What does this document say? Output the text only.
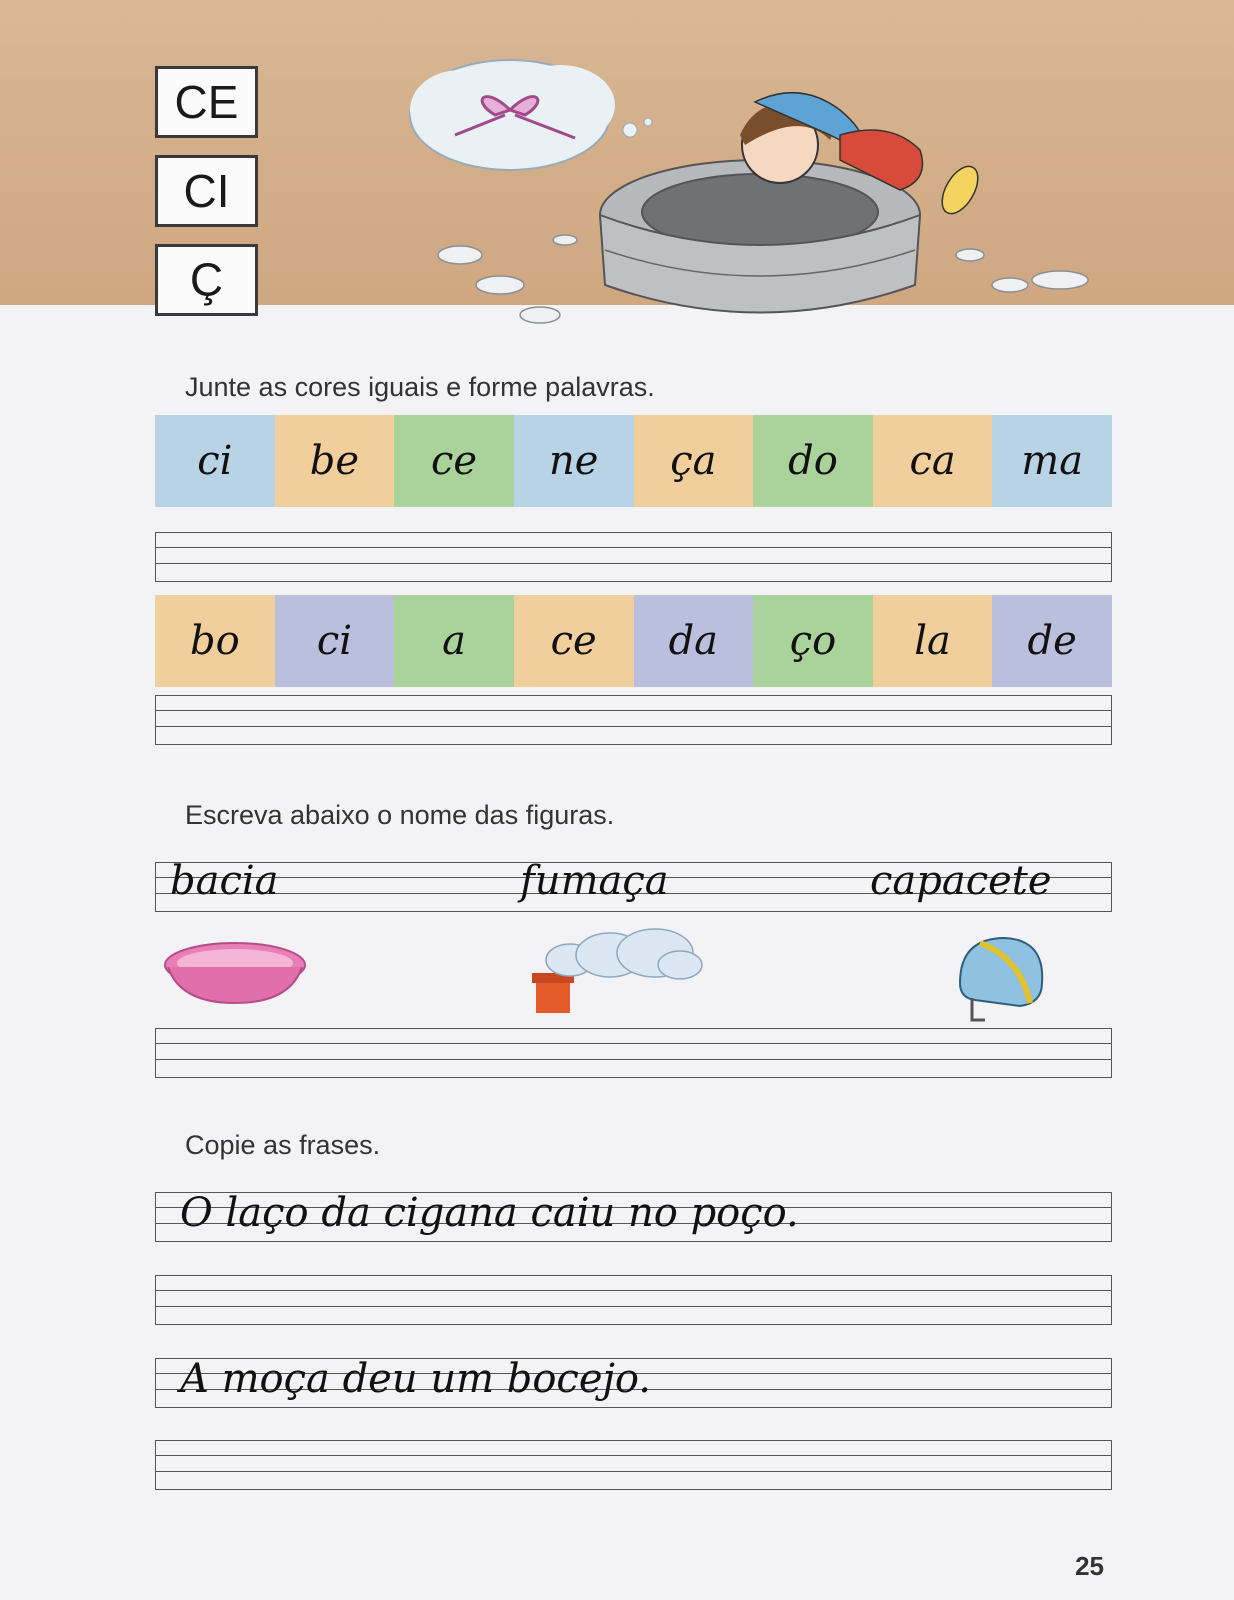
CE
CI
Ç
Junte as cores iguais e forme palavras.
ci	be	ce	ne	ça	do	ca	ma
bo	ci	a	ce	da	ço	la	de
Escreva abaixo o nome das figuras.
bacia	fumaça	capacete
Copie as frases.
O laço da cigana caiu no poço.
A moça deu um bocejo.
25
